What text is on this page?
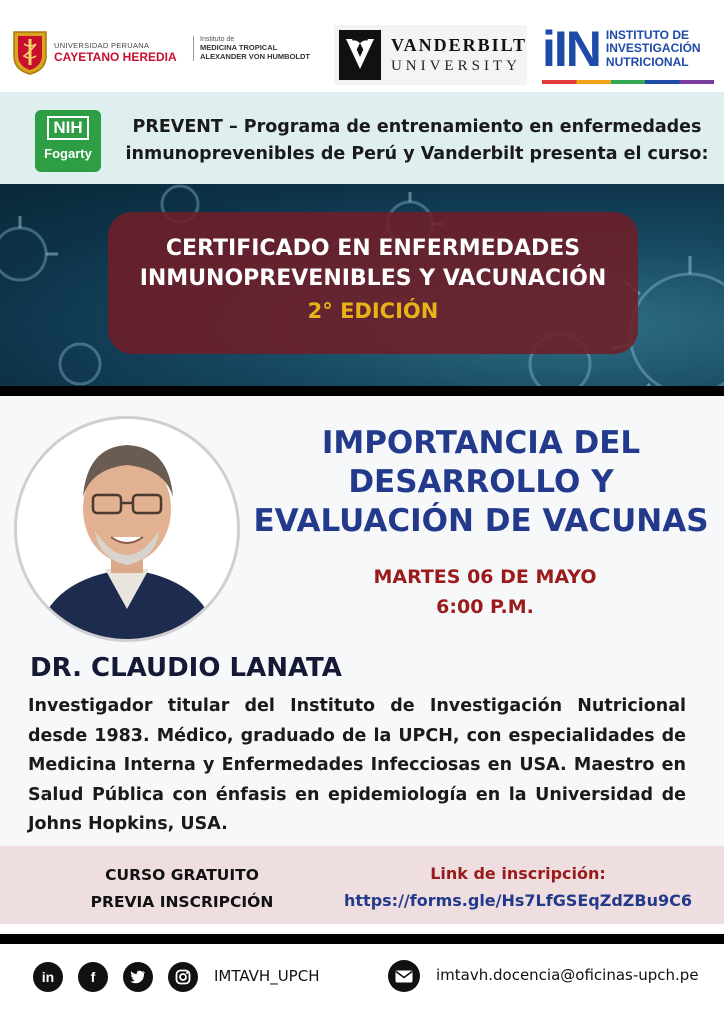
UNIVERSIDAD PERUANA
CAYETANO HEREDIA
Instituto de
MEDICINA TROPICAL
ALEXANDER VON HUMBOLDT
VANDERBILT
UNIVERSITY iIN INSTITUTO DE
INVESTIGACIÓN
NUTRICIONAL
NIH
Fogarty
PREVENT – Programa de entrenamiento en enfermedades inmunoprevenibles de Perú y Vanderbilt presenta el curso:
CERTIFICADO EN ENFERMEDADES
INMUNOPREVENIBLES Y VACUNACIÓN
2° EDICIÓN
IMPORTANCIA DEL
DESARROLLO Y
EVALUACIÓN DE VACUNAS
MARTES 06 DE MAYO
6:00 P.M.
DR. CLAUDIO LANATA
Investigador titular del Instituto de Investigación Nutricional desde 1983. Médico, graduado de la UPCH, con especialidades de Medicina Interna y Enfermedades Infecciosas en USA. Maestro en Salud Pública con énfasis en epidemiología en la Universidad de Johns Hopkins, USA.
CURSO GRATUITO
PREVIA INSCRIPCIÓN
Link de inscripción:
https://forms.gle/Hs7LfGSEqZdZBu9C6
in	f	IMTAVH_UPCH	imtavh.docencia@oficinas-upch.pe
